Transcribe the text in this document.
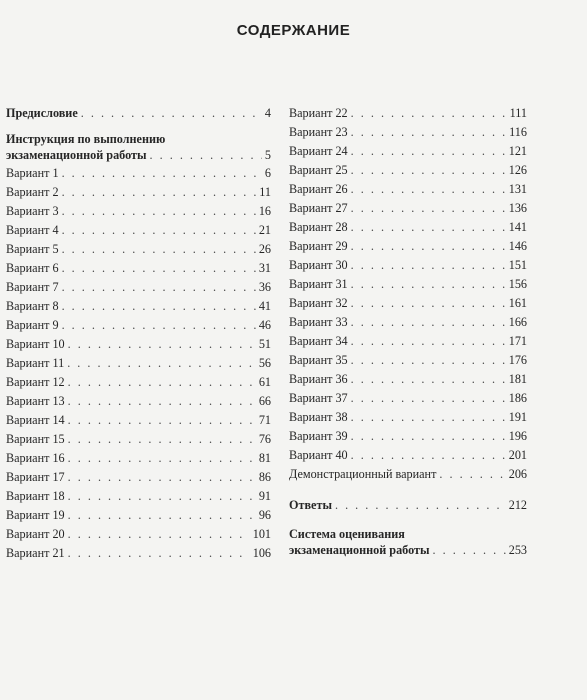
СОДЕРЖАНИЕ
Предисловие . . .	4
Инструкция по выполнению
экзаменационной работы . . .	5
Вариант 1 . . .	6
Вариант 2 . . .	11
Вариант 3 . . .	16
Вариант 4 . . .	21
Вариант 5 . . .	26
Вариант 6 . . .	31
Вариант 7 . . .	36
Вариант 8 . . .	41
Вариант 9 . . .	46
Вариант 10 . . .	51
Вариант 11 . . .	56
Вариант 12 . . .	61
Вариант 13 . . .	66
Вариант 14 . . .	71
Вариант 15 . . .	76
Вариант 16 . . .	81
Вариант 17 . . .	86
Вариант 18 . . .	91
Вариант 19 . . .	96
Вариант 20 . . .	101
Вариант 21 . . .	106
Вариант 22 . . .	111
Вариант 23 . . .	116
Вариант 24 . . .	121
Вариант 25 . . .	126
Вариант 26 . . .	131
Вариант 27 . . .	136
Вариант 28 . . .	141
Вариант 29 . . .	146
Вариант 30 . . .	151
Вариант 31 . . .	156
Вариант 32 . . .	161
Вариант 33 . . .	166
Вариант 34 . . .	171
Вариант 35 . . .	176
Вариант 36 . . .	181
Вариант 37 . . .	186
Вариант 38 . . .	191
Вариант 39 . . .	196
Вариант 40 . . .	201
Демонстрационный вариант . . .	206
Ответы . . .	212
Система оценивания
экзаменационной работы . . .	253
